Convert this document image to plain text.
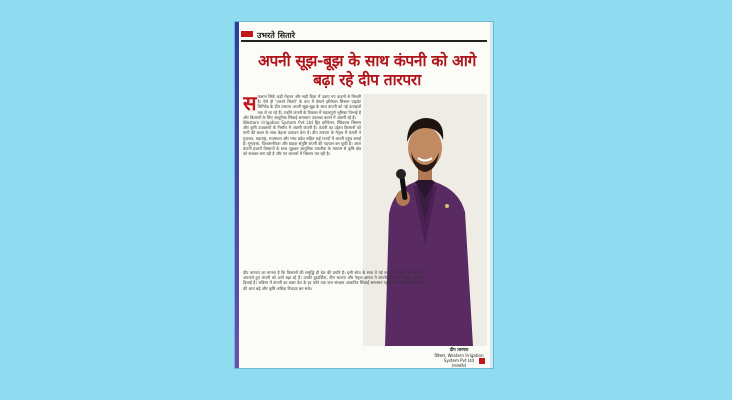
उभरते सितारे
अपनी सूझ-बूझ के साथ कंपनी को आगे बढ़ा रहे दीप तारपरा
स फलता सिर्फ कड़ी मेहनत और सही दिशा में उठाए गए कदमों से मिलती है। ऐसे ही 'उभरते सितारे' के रूप में वेस्टर्न इरीगेशन सिस्टम प्राइवेट लिमिटेड के दीप तारपरा अपनी सूझ-बूझ के साथ कंपनी को नई ऊंचाइयों तक ले जा रहे हैं। उन्होंने कंपनी के विकास में महत्वपूर्ण भूमिका निभाई है और किसानों के लिए आधुनिक सिंचाई समाधान उपलब्ध कराने में अग्रणी रहे हैं।
Western Irrigation System Pvt Ltd ड्रिप इरीगेशन, स्प्रिंकलर सिस्टम और कृषि उपकरणों के निर्माण में अग्रणी कंपनी है। कंपनी का उद्देश्य किसानों को पानी की बचत के साथ बेहतर उत्पादन देना है। दीप तारपरा के नेतृत्व में कंपनी ने गुजरात, महाराष्ट्र, राजस्थान और मध्य प्रदेश सहित कई राज्यों में अपनी पहुंच बनाई है। गुणवत्ता, विश्वसनीयता और ग्राहक संतुष्टि कंपनी की पहचान बन चुकी है। आज कंपनी हजारों किसानों के साथ जुड़कर आधुनिक तकनीक के माध्यम से कृषि क्षेत्र को सशक्त बना रही है और नए बाजारों में विस्तार कर रही है।
दीप तारपरा का मानना है कि किसानों की समृद्धि ही देश की प्रगति है। इसी सोच के साथ वे नई तकनीकों और नवाचारों को अपनाते हुए कंपनी को आगे बढ़ा रहे हैं। उनकी दूरदर्शिता, टीम भावना और नेतृत्व क्षमता ने कंपनी को एक मजबूत पहचान दिलाई है। भविष्य में कंपनी का लक्ष्य देश के हर कोने तक जल संरक्षण आधारित सिंचाई समाधान पहुंचाना है, जिससे किसानों की आय बढ़े और कृषि अधिक टिकाऊ बन सके।
दीप तारपरा
डिरेक्टर, Western Irrigation System Pvt Ltd
(राजकोट)
